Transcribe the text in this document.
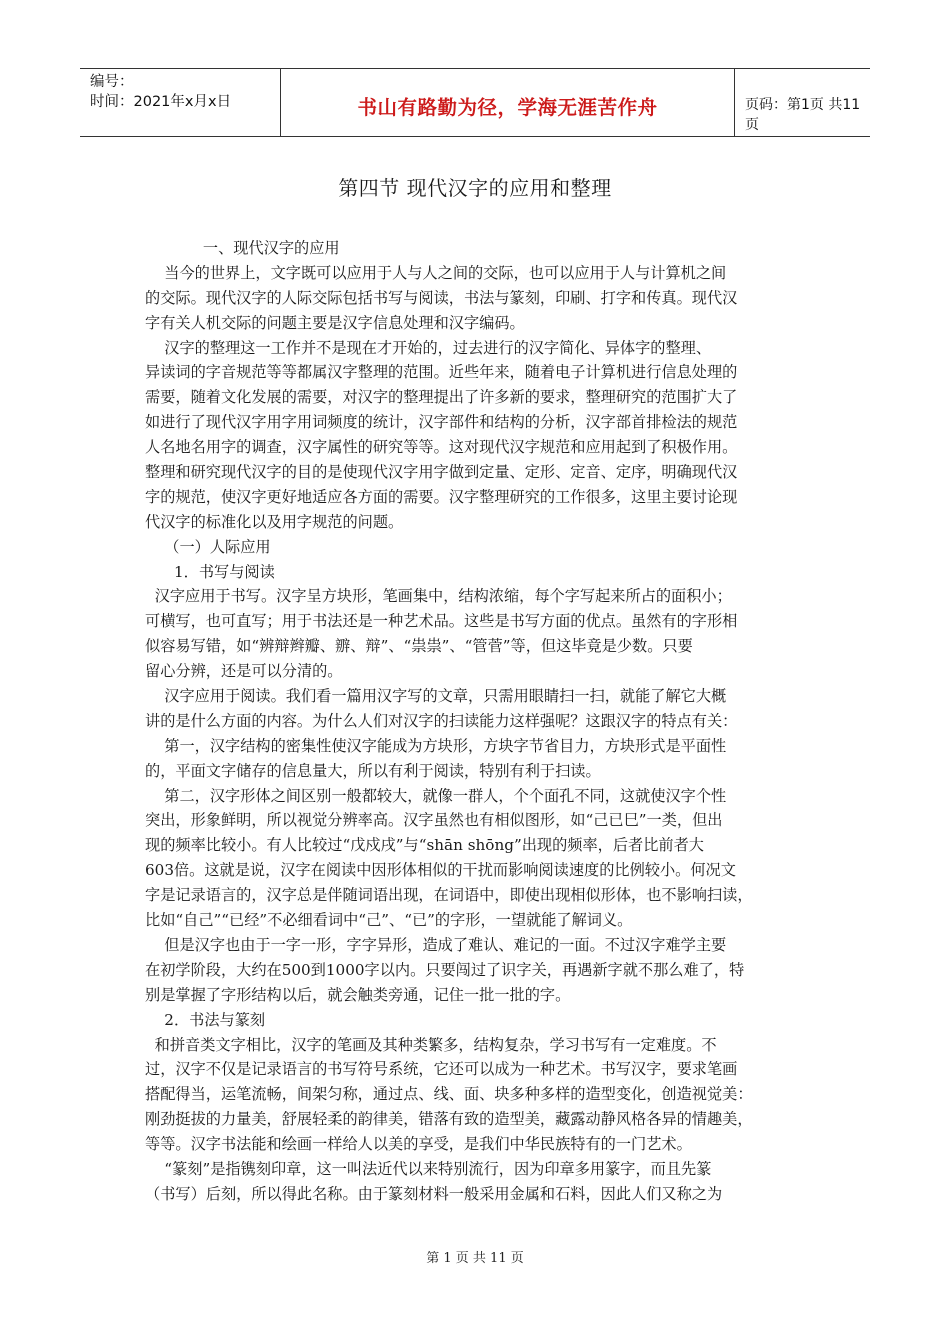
编号：
时间：2021年x月x日	书山有路勤为径，学海无涯苦作舟	页码：第1页 共11页
第四节 现代汉字的应用和整理
一、现代汉字的应用
当今的世界上，文字既可以应用于人与人之间的交际，也可以应用于人与计算机之间
的交际。现代汉字的人际交际包括书写与阅读，书法与篆刻，印刷、打字和传真。现代汉
字有关人机交际的问题主要是汉字信息处理和汉字编码。
汉字的整理这一工作并不是现在才开始的，过去进行的汉字简化、异体字的整理、
异读词的字音规范等等都属汉字整理的范围。近些年来，随着电子计算机进行信息处理的
需要，随着文化发展的需要，对汉字的整理提出了许多新的要求，整理研究的范围扩大了
如进行了现代汉字用字用词频度的统计，汉字部件和结构的分析，汉字部首排检法的规范
人名地名用字的调查，汉字属性的研究等等。这对现代汉字规范和应用起到了积极作用。
整理和研究现代汉字的目的是使现代汉字用字做到定量、定形、定音、定序，明确现代汉
字的规范，使汉字更好地适应各方面的需要。汉字整理研究的工作很多，这里主要讨论现
代汉字的标准化以及用字规范的问题。
（一）人际应用
1．书写与阅读
汉字应用于书写。汉字呈方块形，笔画集中，结构浓缩，每个字写起来所占的面积小；
可横写，也可直写；用于书法还是一种艺术品。这些是书写方面的优点。虽然有的字形相
似容易写错，如“辨辩辫瓣、辧、辩”、“祟祟”、“管菅”等，但这毕竟是少数。只要
留心分辨，还是可以分清的。
汉字应用于阅读。我们看一篇用汉字写的文章，只需用眼睛扫一扫，就能了解它大概
讲的是什么方面的内容。为什么人们对汉字的扫读能力这样强呢？这跟汉字的特点有关：
第一，汉字结构的密集性使汉字能成为方块形，方块字节省目力，方块形式是平面性
的，平面文字储存的信息量大，所以有利于阅读，特别有利于扫读。
第二，汉字形体之间区别一般都较大，就像一群人，个个面孔不同，这就使汉字个性
突出，形象鲜明，所以视觉分辨率高。汉字虽然也有相似图形，如“己已巳”一类，但出
现的频率比较小。有人比较过“戊戍戌”与“shān shōng”出现的频率，后者比前者大
603倍。这就是说，汉字在阅读中因形体相似的干扰而影响阅读速度的比例较小。何况文
字是记录语言的，汉字总是伴随词语出现，在词语中，即使出现相似形体，也不影响扫读，
比如“自己”“已经”不必细看词中“己”、“已”的字形，一望就能了解词义。
但是汉字也由于一字一形，字字异形，造成了难认、难记的一面。不过汉字难学主要
在初学阶段，大约在500到1000字以内。只要闯过了识字关，再遇新字就不那么难了，特
别是掌握了字形结构以后，就会触类旁通，记住一批一批的字。
2．书法与篆刻
和拼音类文字相比，汉字的笔画及其种类繁多，结构复杂，学习书写有一定难度。不
过，汉字不仅是记录语言的书写符号系统，它还可以成为一种艺术。书写汉字，要求笔画
搭配得当，运笔流畅，间架匀称，通过点、线、面、块多种多样的造型变化，创造视觉美：
刚劲挺拔的力量美，舒展轻柔的韵律美，错落有致的造型美，藏露动静风格各异的情趣美，
等等。汉字书法能和绘画一样给人以美的享受，是我们中华民族特有的一门艺术。
“篆刻”是指镌刻印章，这一叫法近代以来特别流行，因为印章多用篆字，而且先篆
（书写）后刻，所以得此名称。由于篆刻材料一般采用金属和石料，因此人们又称之为
第 1 页 共 11 页
